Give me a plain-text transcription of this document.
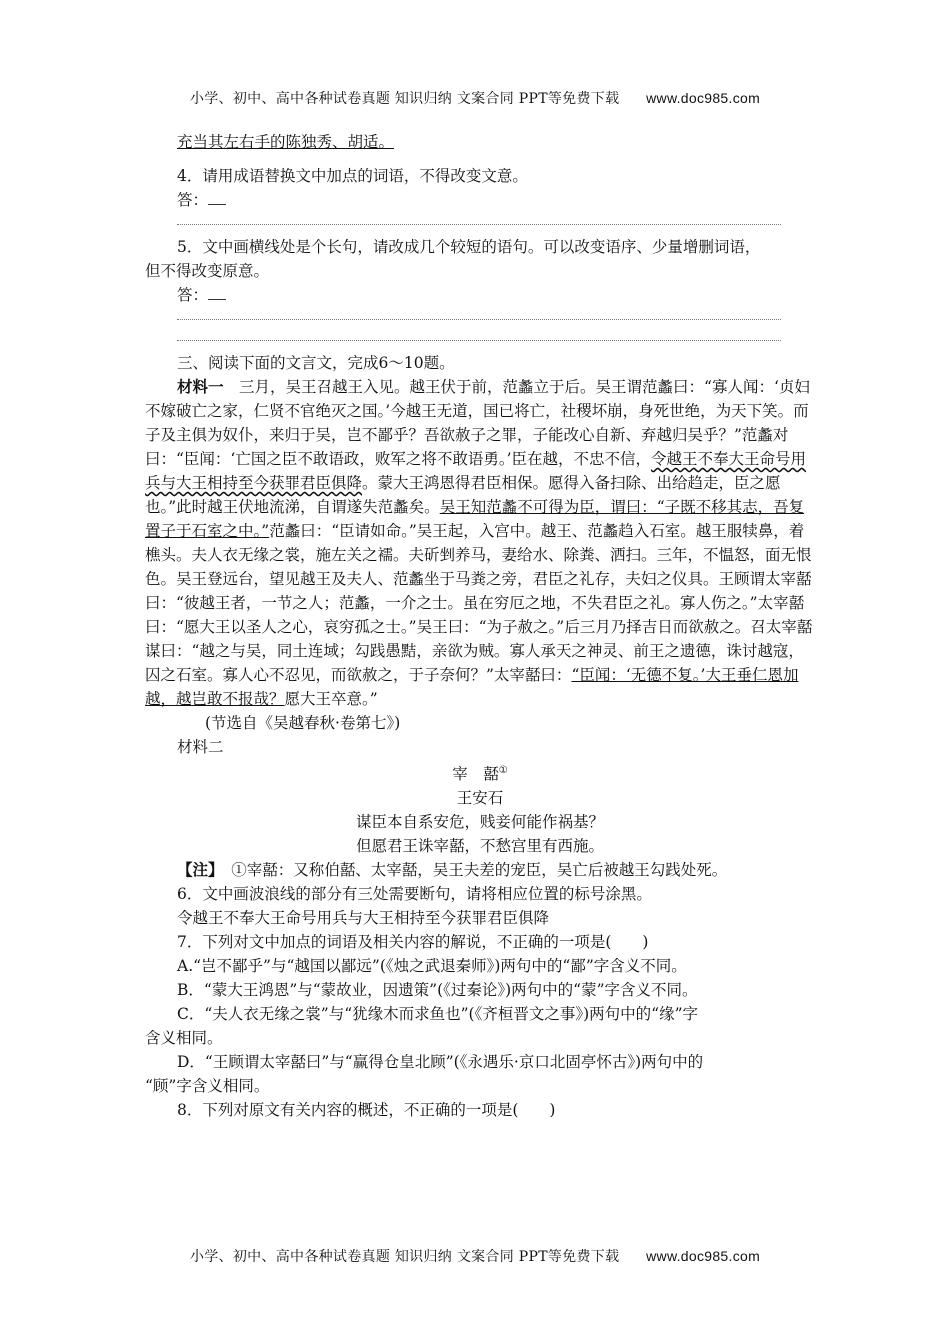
小学、初中、高中各种试卷真题 知识归纳 文案合同 PPT等免费下载 www.doc985.com

充当其左右手的陈独秀、胡适。

4．请用成语替换文中加点的词语，不得改变文意。

答：

5．文中画横线处是个长句，请改成几个较短的语句。可以改变语序、少量增删词语，

但不得改变原意。

答：

三、阅读下面的文言文，完成6～10题。

材料一　 三月，吴王召越王入见。越王伏于前，范蠡立于后。吴王谓范蠡曰：“寡人闻：‘贞妇不嫁破亡之家，仁贤不官绝灭之国。’今越王无道，国已将亡，社稷坏崩，身死世绝，为天下笑。而子及主俱为奴仆，来归于吴，岂不鄙乎？吾欲赦子之罪，子能改心自新、弃越归吴乎？”范蠡对曰：“臣闻：‘亡国之臣不敢语政，败军之将不敢语勇。’臣在越，不忠不信，令越王不奉大王命号用兵与大王相持至今获罪君臣俱降。蒙大王鸿恩得君臣相保。愿得入备扫除、出给趋走，臣之愿也。”此时越王伏地流涕，自谓遂失范蠡矣。吴王知范蠡不可得为臣，谓曰：“子既不移其志，吾复置子于石室之中。”范蠡曰：“臣请如命。”吴王起，入宫中。越王、范蠡趋入石室。越王服犊鼻，着樵头。夫人衣无缘之裳，施左关之襦。夫斫剉养马，妻给水、除粪、洒扫。三年，不愠怒，面无恨色。吴王登远台，望见越王及夫人、范蠡坐于马粪之旁，君臣之礼存，夫妇之仪具。王顾谓太宰嚭曰：“彼越王者，一节之人；范蠡，一介之士。虽在穷厄之地，不失君臣之礼。寡人伤之。”太宰嚭曰：“愿大王以圣人之心，哀穷孤之士。”吴王曰：“为子赦之。”后三月乃择吉日而欲赦之。召太宰嚭谋曰：“越之与吴，同土连域；勾践愚黠，亲欲为贼。寡人承天之神灵、前王之遗德，诛讨越寇，囚之石室。寡人心不忍见，而欲赦之，于子奈何？”太宰嚭曰：“臣闻：‘无德不复。’大王垂仁恩加越，越岂敢不报哉？愿大王卒意。”

(节选自《吴越春秋·卷第七》)

材料二

宰　嚭①

王安石

谋臣本自系安危，贱妾何能作祸基？

但愿君王诛宰嚭，不愁宫里有西施。

【注】　 ①宰嚭：又称伯嚭、太宰嚭，吴王夫差的宠臣，吴亡后被越王勾践处死。

6．文中画波浪线的部分有三处需要断句，请将相应位置的标号涂黑。

令越王不奉大王命号用兵与大王相持至今获罪君臣俱降

7．下列对文中加点的词语及相关内容的解说，不正确的一项是(　　)

A.“岂不鄙乎”与“越国以鄙远”(《烛之武退秦师》)两句中的“鄙”字含义不同。

B．“蒙大王鸿恩”与“蒙故业，因遗策”(《过秦论》)两句中的“蒙”字含义不同。

C．“夫人衣无缘之裳”与“犹缘木而求鱼也”(《齐桓晋文之事》)两句中的“缘”字

含义相同。

D．“王顾谓太宰嚭曰”与“赢得仓皇北顾”(《永遇乐·京口北固亭怀古》)两句中的

“顾”字含义相同。

8．下列对原文有关内容的概述，不正确的一项是(　　)

小学、初中、高中各种试卷真题 知识归纳 文案合同 PPT等免费下载 www.doc985.com
